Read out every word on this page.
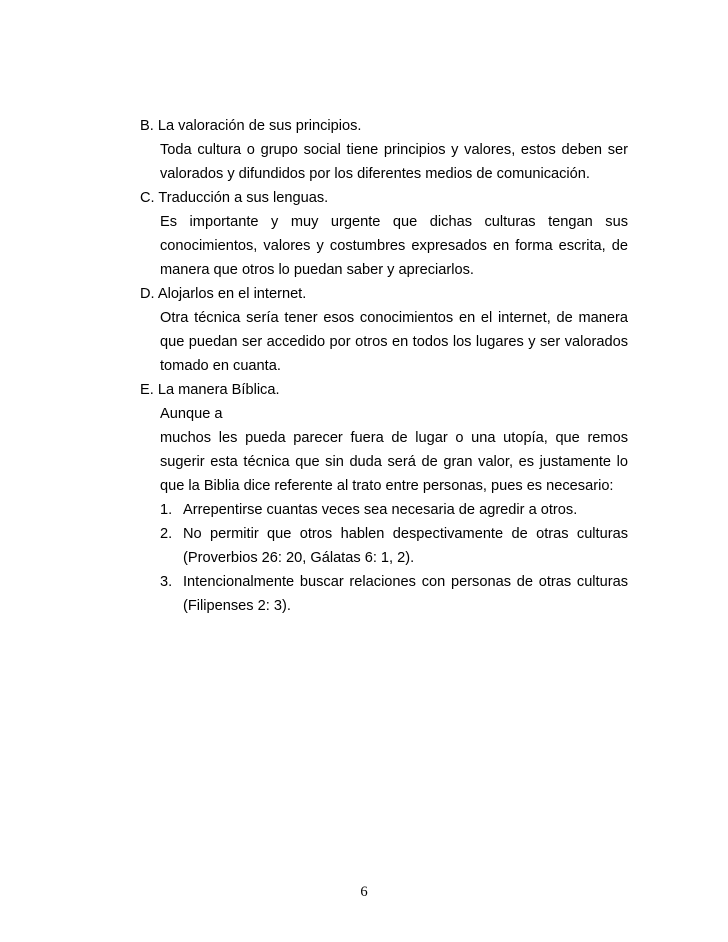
B. La valoración de sus principios.
Toda cultura o grupo social tiene principios y valores, estos deben ser
valorados y difundidos por los diferentes medios de comunicación.
C. Traducción a sus lenguas.
Es importante y muy urgente que dichas culturas tengan sus
conocimientos, valores y costumbres expresados en forma escrita, de
manera que otros lo puedan saber y apreciarlos.
D. Alojarlos en el internet.
Otra técnica sería tener esos conocimientos en el internet, de manera
que puedan ser accedido por otros en todos los lugares y ser valorados
tomado en cuanta.
E. La manera Bíblica.
Aunque a
muchos les pueda parecer fuera de lugar o una utopía, que remos
sugerir esta técnica que sin duda será de gran valor, es justamente lo
que la Biblia dice referente al trato entre personas, pues es necesario:
1. Arrepentirse cuantas veces sea necesaria de agredir a otros.
2. No permitir que otros hablen despectivamente de otras culturas
(Proverbios 26: 20, Gálatas 6: 1, 2).
3. Intencionalmente buscar relaciones con personas de otras culturas
(Filipenses 2: 3).
6
